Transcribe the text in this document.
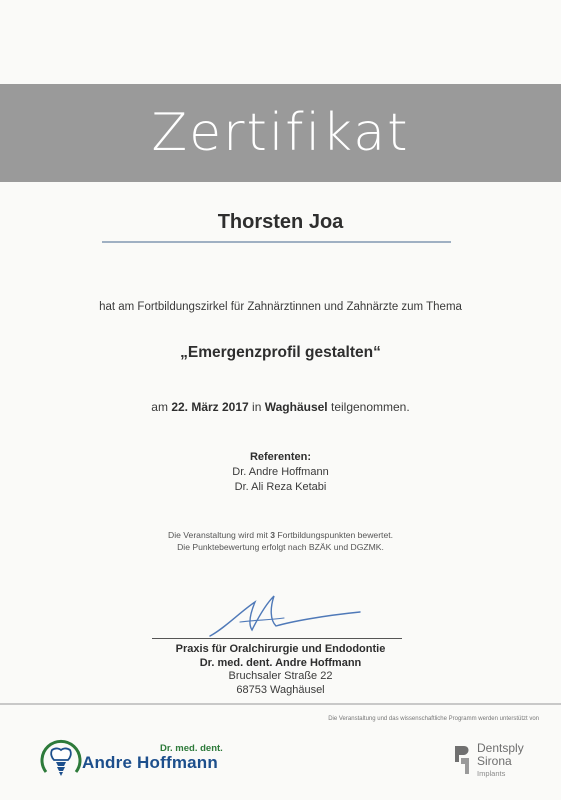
Zertifikat
Thorsten Joa
hat am Fortbildungszirkel für Zahnärztinnen und Zahnärzte zum Thema
„Emergenzprofil gestalten“
am 22. März 2017 in Waghäusel teilgenommen.
Referenten:
Dr. Andre Hoffmann
Dr. Ali Reza Ketabi
Die Veranstaltung wird mit 3 Fortbildungspunkten bewertet.
Die Punktebewertung erfolgt nach BZÄK und DGZMK.
Praxis für Oralchirurgie und Endodontie
Dr. med. dent. Andre Hoffmann
Bruchsaler Straße 22
68753 Waghäusel
Die Veranstaltung und das wissenschaftliche Programm werden unterstützt von
Dr. med. dent.
Andre Hoffmann
Dentsply
Sirona
Implants
